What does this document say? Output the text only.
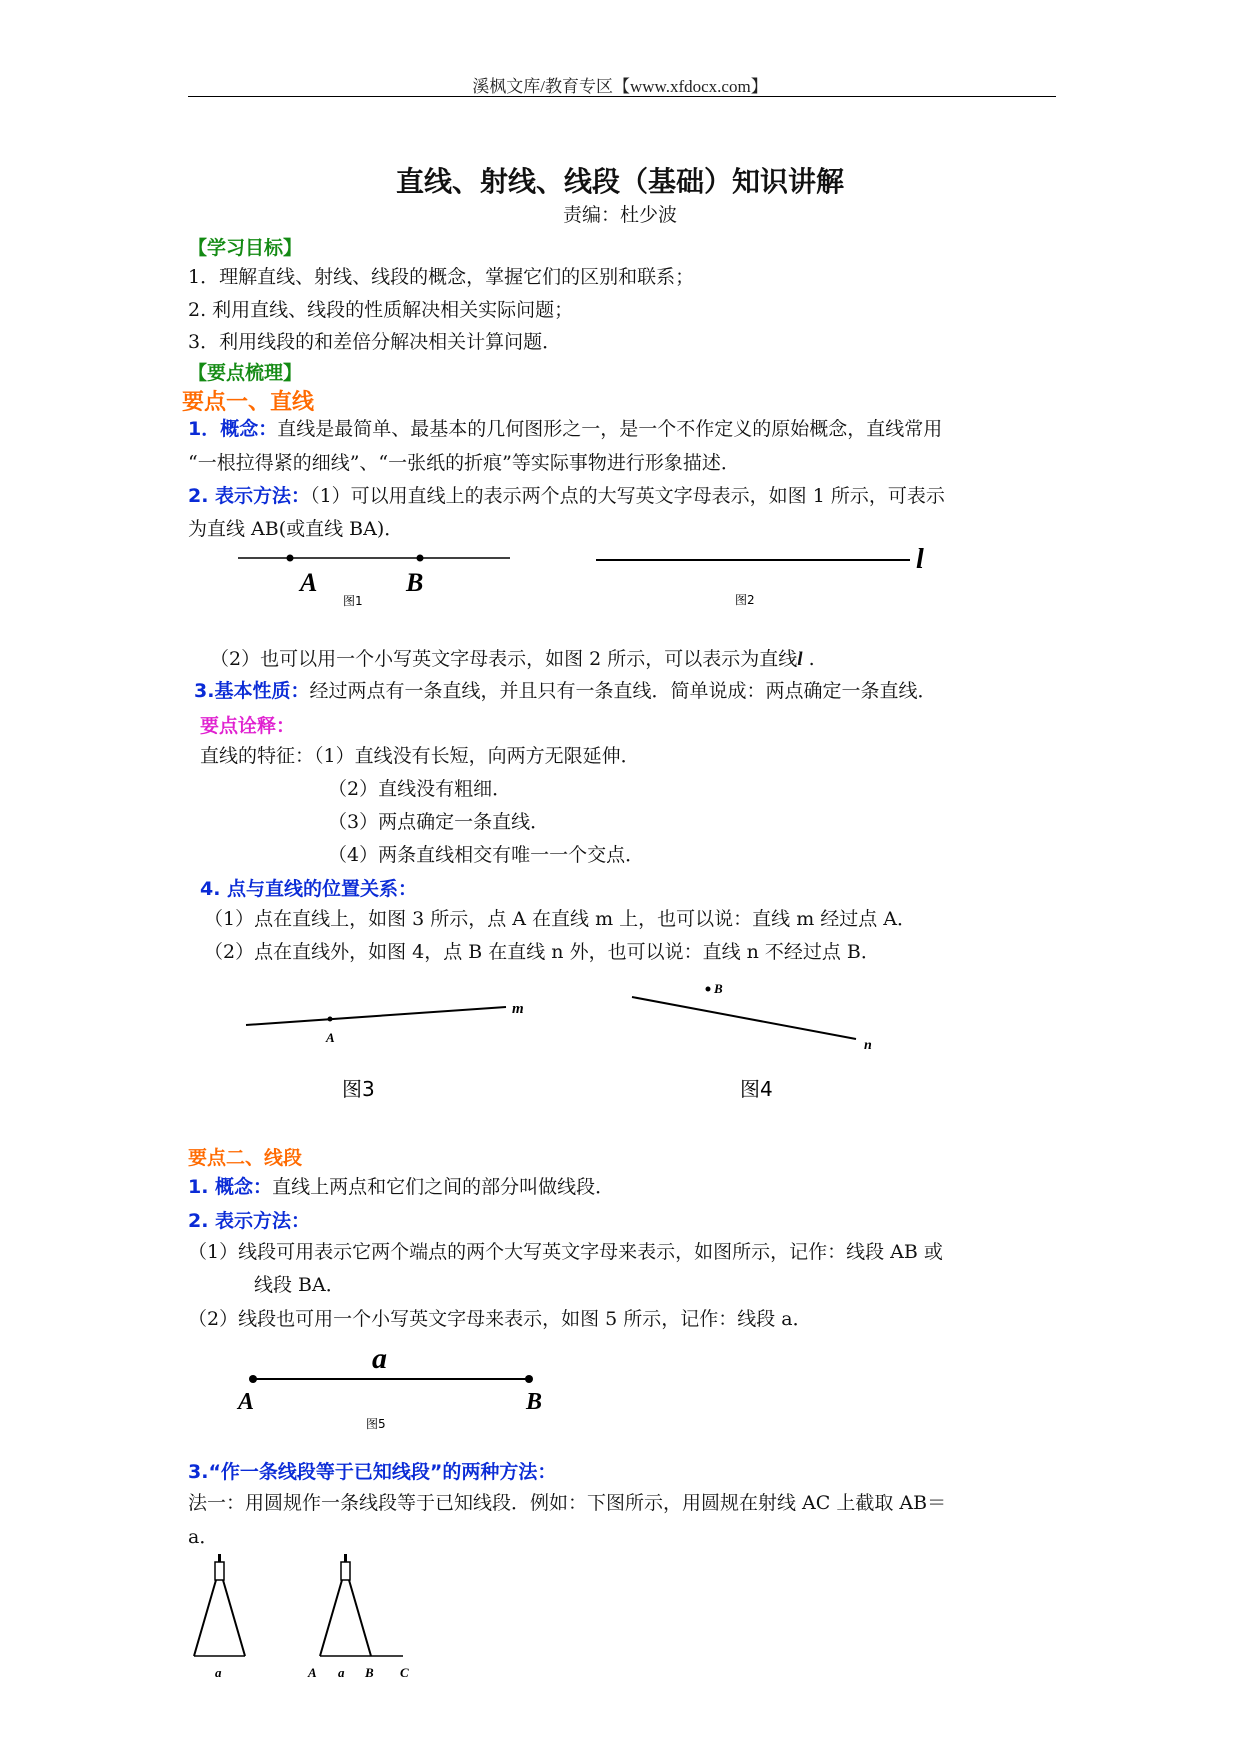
溪枫文库/教育专区【www.xfdocx.com】
直线、射线、线段（基础）知识讲解
责编：杜少波
【学习目标】
1．理解直线、射线、线段的概念，掌握它们的区别和联系；
2. 利用直线、线段的性质解决相关实际问题；
3．利用线段的和差倍分解决相关计算问题．
【要点梳理】
要点一、直线
1．概念：直线是最简单、最基本的几何图形之一，是一个不作定义的原始概念，直线常用
“一根拉得紧的细线”、“一张纸的折痕”等实际事物进行形象描述．
2. 表示方法：（1）可以用直线上的表示两个点的大写英文字母表示，如图 1 所示，可表示
为直线 AB(或直线 BA)．
A	B
图1
l
图2
（2）也可以用一个小写英文字母表示，如图 2 所示，可以表示为直线l .
3.基本性质：经过两点有一条直线，并且只有一条直线．简单说成：两点确定一条直线．
要点诠释：
直线的特征：（1）直线没有长短，向两方无限延伸．
（2）直线没有粗细．
（3）两点确定一条直线．
（4）两条直线相交有唯一一个交点．
4. 点与直线的位置关系：
（1）点在直线上，如图 3 所示，点 A 在直线 m 上，也可以说：直线 m 经过点 A．
（2）点在直线外，如图 4，点 B 在直线 n 外，也可以说：直线 n 不经过点 B．
A
m
图3
B
n
图4
要点二、线段
1. 概念：直线上两点和它们之间的部分叫做线段．
2. 表示方法：
（1）线段可用表示它两个端点的两个大写英文字母来表示，如图所示，记作：线段 AB 或
线段 BA．
（2）线段也可用一个小写英文字母来表示，如图 5 所示，记作：线段 a．
a
A	B
图5
3.“作一条线段等于已知线段”的两种方法：
法一：用圆规作一条线段等于已知线段．例如：下图所示，用圆规在射线 AC 上截取 AB＝
a．
a	A a B C
